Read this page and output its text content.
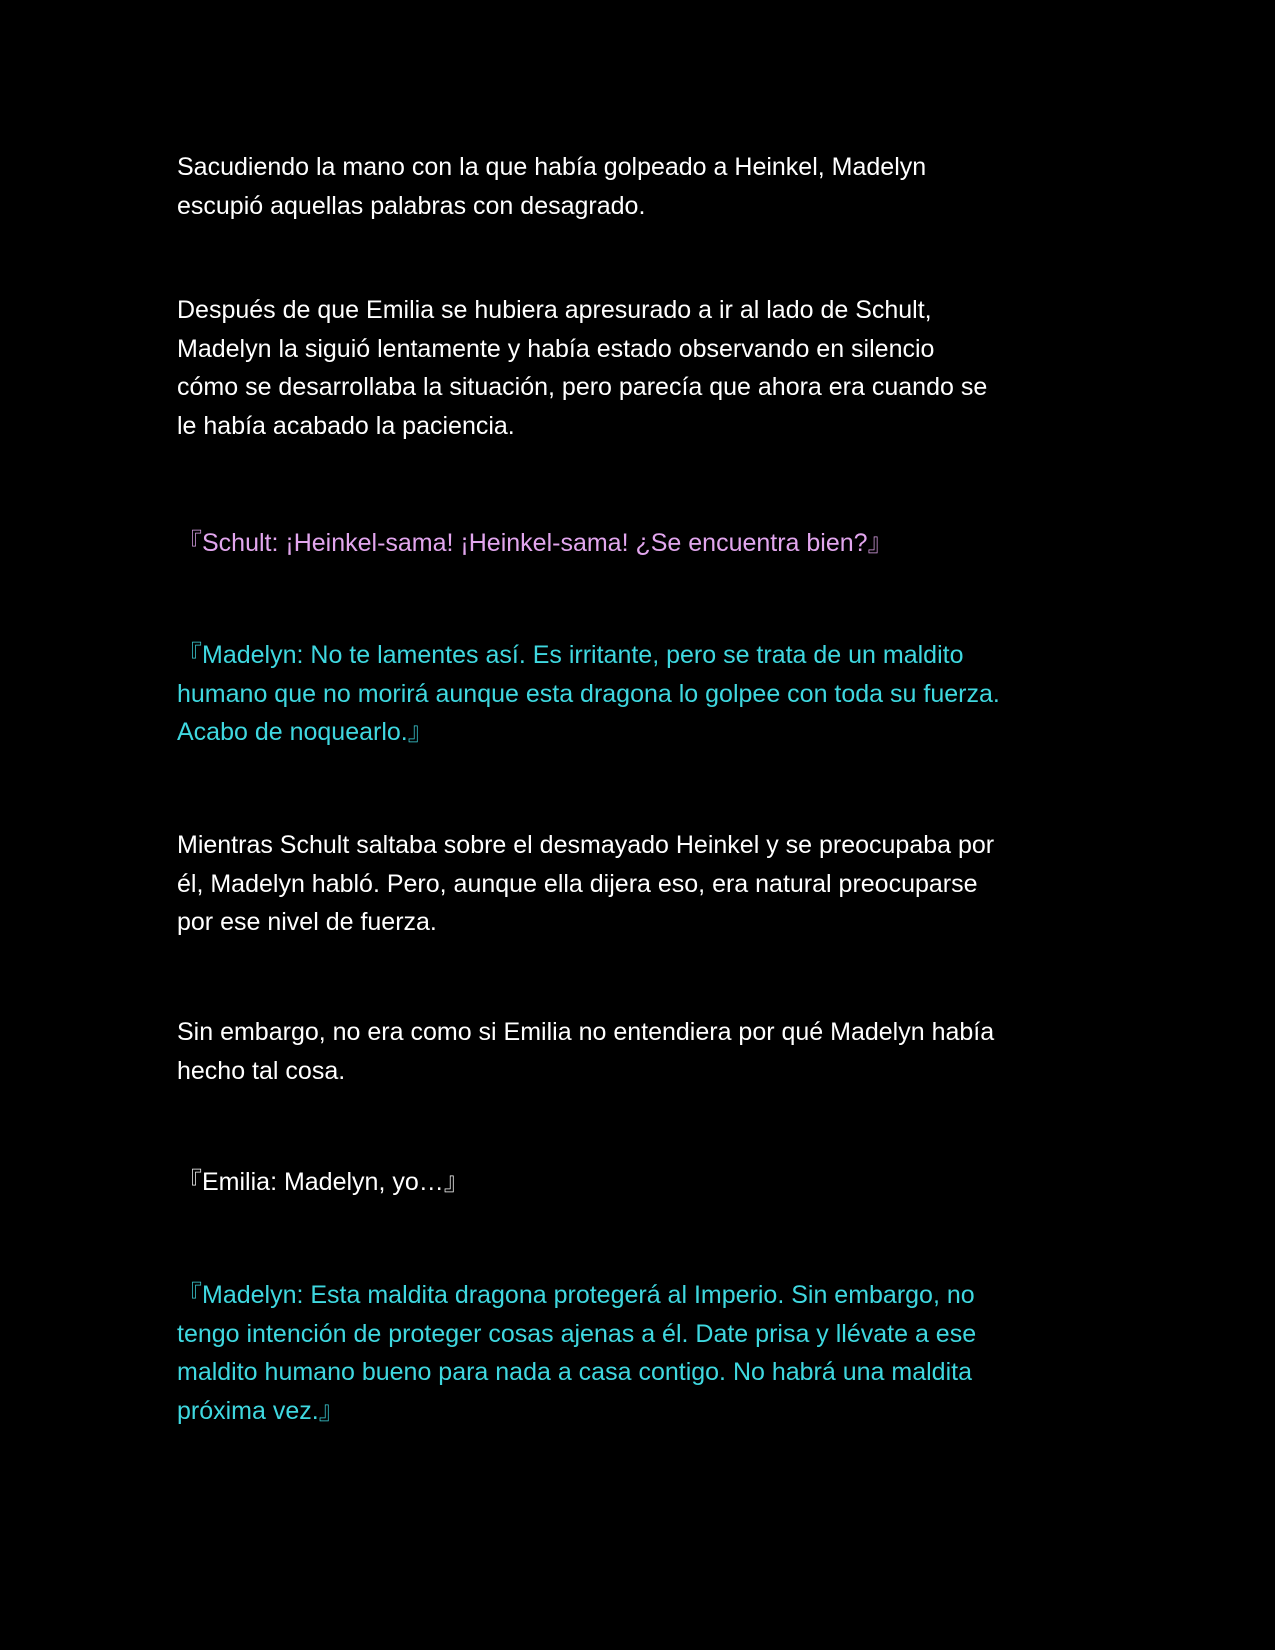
Sacudiendo la mano con la que había golpeado a Heinkel, Madelyn
escupió aquellas palabras con desagrado.

Después de que Emilia se hubiera apresurado a ir al lado de Schult,
Madelyn la siguió lentamente y había estado observando en silencio
cómo se desarrollaba la situación, pero parecía que ahora era cuando se
le había acabado la paciencia.

『Schult: ¡Heinkel-sama! ¡Heinkel-sama! ¿Se encuentra bien?』

『Madelyn: No te lamentes así. Es irritante, pero se trata de un maldito
humano que no morirá aunque esta dragona lo golpee con toda su fuerza.
Acabo de noquearlo.』

Mientras Schult saltaba sobre el desmayado Heinkel y se preocupaba por
él, Madelyn habló. Pero, aunque ella dijera eso, era natural preocuparse
por ese nivel de fuerza.

Sin embargo, no era como si Emilia no entendiera por qué Madelyn había
hecho tal cosa.

『Emilia: Madelyn, yo…』

『Madelyn: Esta maldita dragona protegerá al Imperio. Sin embargo, no
tengo intención de proteger cosas ajenas a él. Date prisa y llévate a ese
maldito humano bueno para nada a casa contigo. No habrá una maldita
próxima vez.』
